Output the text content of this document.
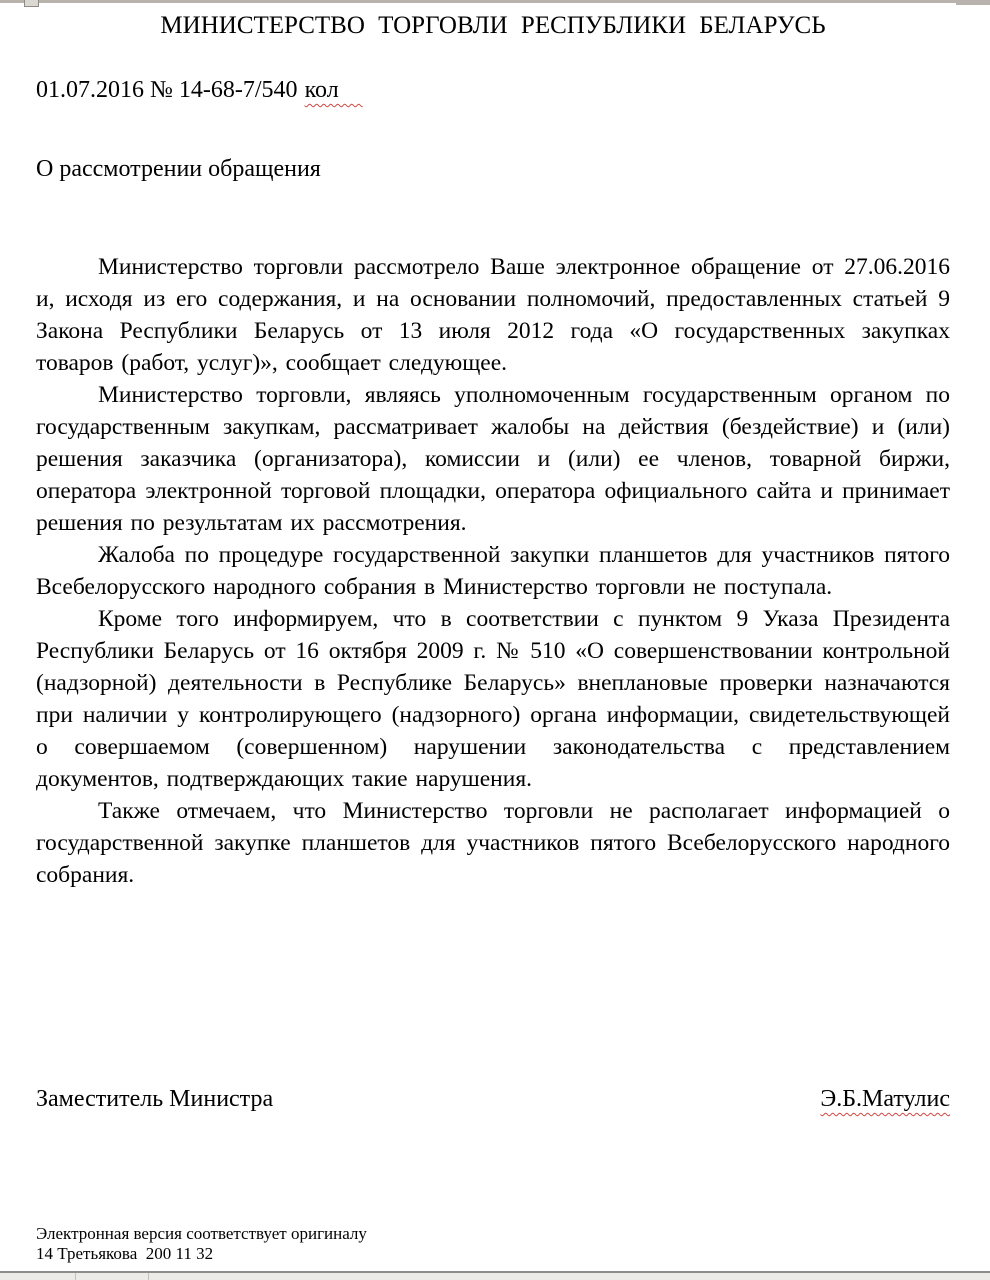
МИНИСТЕРСТВО ТОРГОВЛИ РЕСПУБЛИКИ БЕЛАРУСЬ
01.07.2016 № 14-68-7/540 кол
О рассмотрении обращения

Министерство торговли рассмотрело Ваше электронное обращение от 27.06.2016 и, исходя из его содержания, и на основании полномочий, предоставленных статьей 9 Закона Республики Беларусь от 13 июля 2012 года «О государственных закупках товаров (работ, услуг)», сообщает следующее.

Министерство торговли, являясь уполномоченным государственным органом по государственным закупкам, рассматривает жалобы на действия (бездействие) и (или) решения заказчика (организатора), комиссии и (или) ее членов, товарной биржи, оператора электронной торговой площадки, оператора официального сайта и принимает решения по результатам их рассмотрения.

Жалоба по процедуре государственной закупки планшетов для участников пятого Всебелорусского народного собрания в Министерство торговли не поступала.

Кроме того информируем, что в соответствии с пунктом 9 Указа Президента Республики Беларусь от 16 октября 2009 г. № 510 «О совершенствовании контрольной (надзорной) деятельности в Республике Беларусь» внеплановые проверки назначаются при наличии у контролирующего (надзорного) органа информации, свидетельствующей о совершаемом (совершенном) нарушении законодательства с представлением документов, подтверждающих такие нарушения.

Также отмечаем, что Министерство торговли не располагает информацией о государственной закупке планшетов для участников пятого Всебелорусского народного собрания.

Заместитель Министра	Э.Б.Матулис
Электронная версия соответствует оригиналу
14 Третьякова  200 11 32
